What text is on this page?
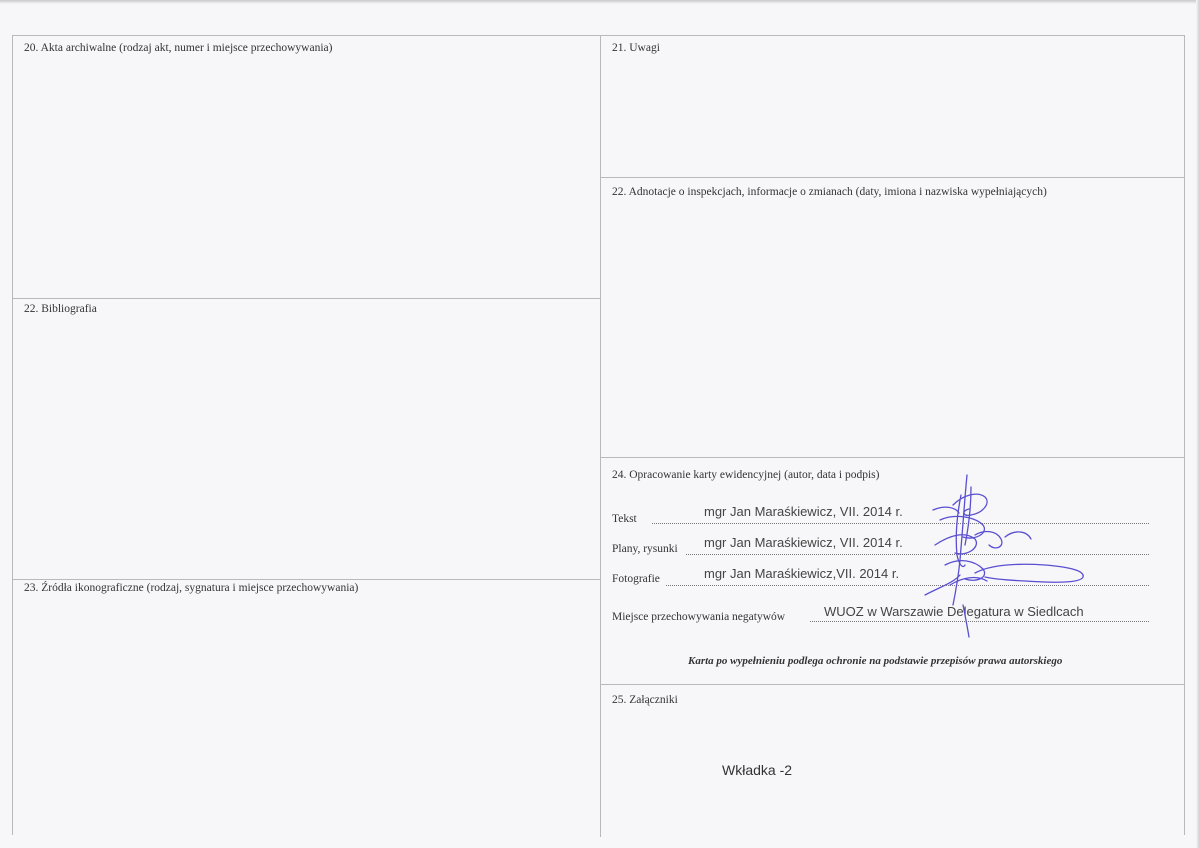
20. Akta archiwalne (rodzaj akt, numer i miejsce przechowywania)	21. Uwagi
22. Adnotacje o inspekcjach, informacje o zmianach (daty, imiona i nazwiska wypełniających)
22. Bibliografia
23. Źródła ikonograficzne (rodzaj, sygnatura i miejsce przechowywania)
24. Opracowanie karty ewidencyjnej (autor, data i podpis)
25. Załączniki
Tekst	mgr Jan Maraśkiewicz, VII. 2014 r.
Plany, rysunki mgr Jan Maraśkiewicz, VII. 2014 r.
Fotografie	mgr Jan Maraśkiewicz,VII. 2014 r.
Miejsce przechowywania negatywów	WUOZ w Warszawie Delegatura w Siedlcach
Karta po wypełnieniu podlega ochronie na podstawie przepisów prawa autorskiego
Wkładka -2
